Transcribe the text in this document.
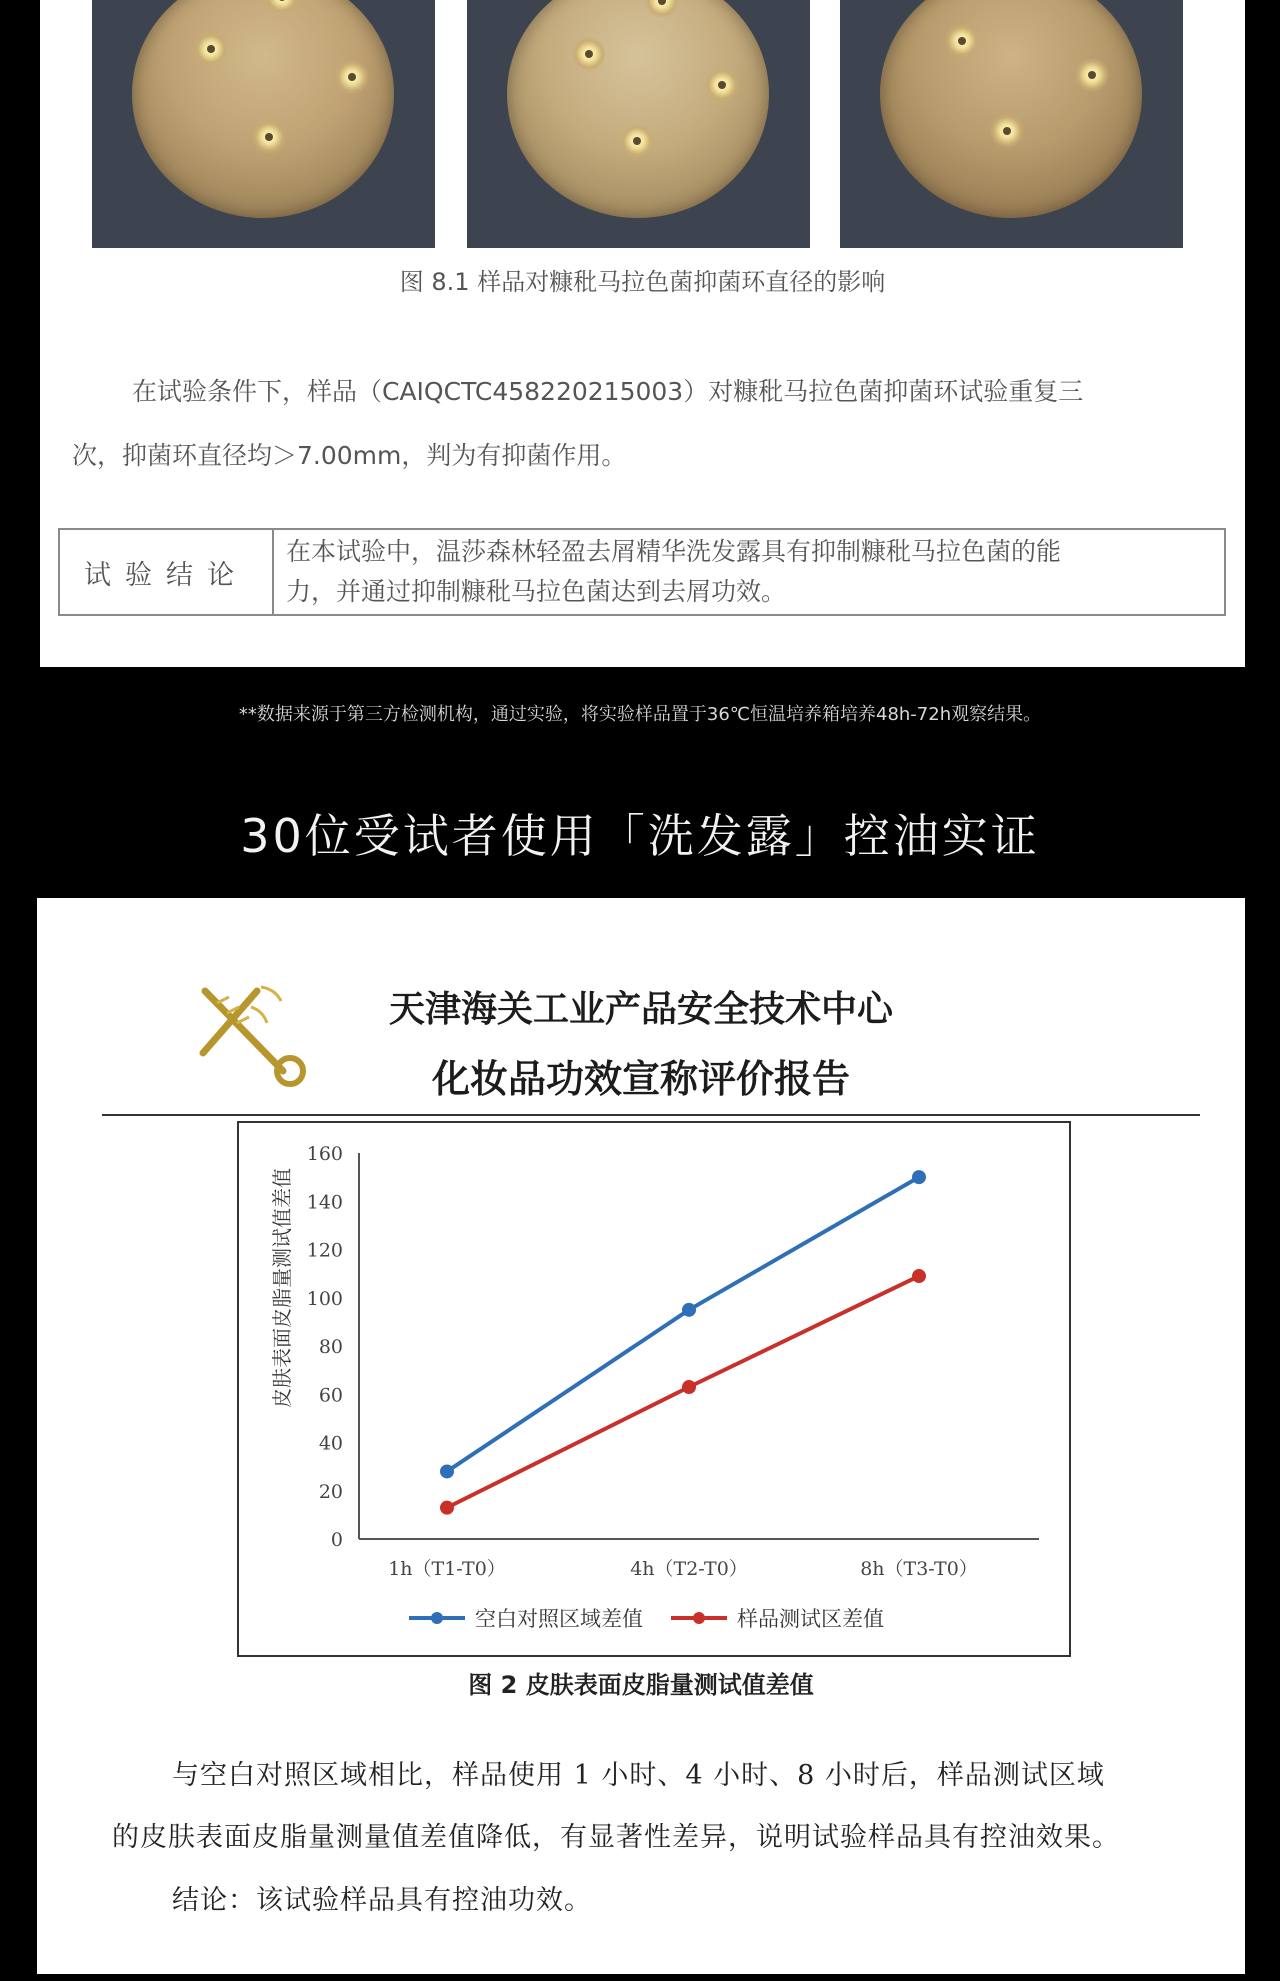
图 8.1 样品对糠秕马拉色菌抑菌环直径的影响
在试验条件下，样品（CAIQCTC458220215003）对糠秕马拉色菌抑菌环试验重复三
次，抑菌环直径均＞7.00mm，判为有抑菌作用。
试验结论	
在本试验中，温莎森林轻盈去屑精华洗发露具有抑制糠秕马拉色菌的能
力，并通过抑制糠秕马拉色菌达到去屑功效。
**数据来源于第三方检测机构，通过实验，将实验样品置于36℃恒温培养箱培养48h-72h观察结果。
30位受试者使用「洗发露」控油实证
天津海关工业产品安全技术中心
化妆品功效宣称评价报告
皮肤表面皮脂量测试值差值
0
20
40
60
80
100
120
140
160
1h（T1-T0）	4h（T2-T0）	8h（T3-T0）
空白对照区域差值	样品测试区差值
图 2 皮肤表面皮脂量测试值差值
与空白对照区域相比，样品使用 1 小时、4 小时、8 小时后，样品测试区域
的皮肤表面皮脂量测量值差值降低，有显著性差异，说明试验样品具有控油效果。
结论：该试验样品具有控油功效。
